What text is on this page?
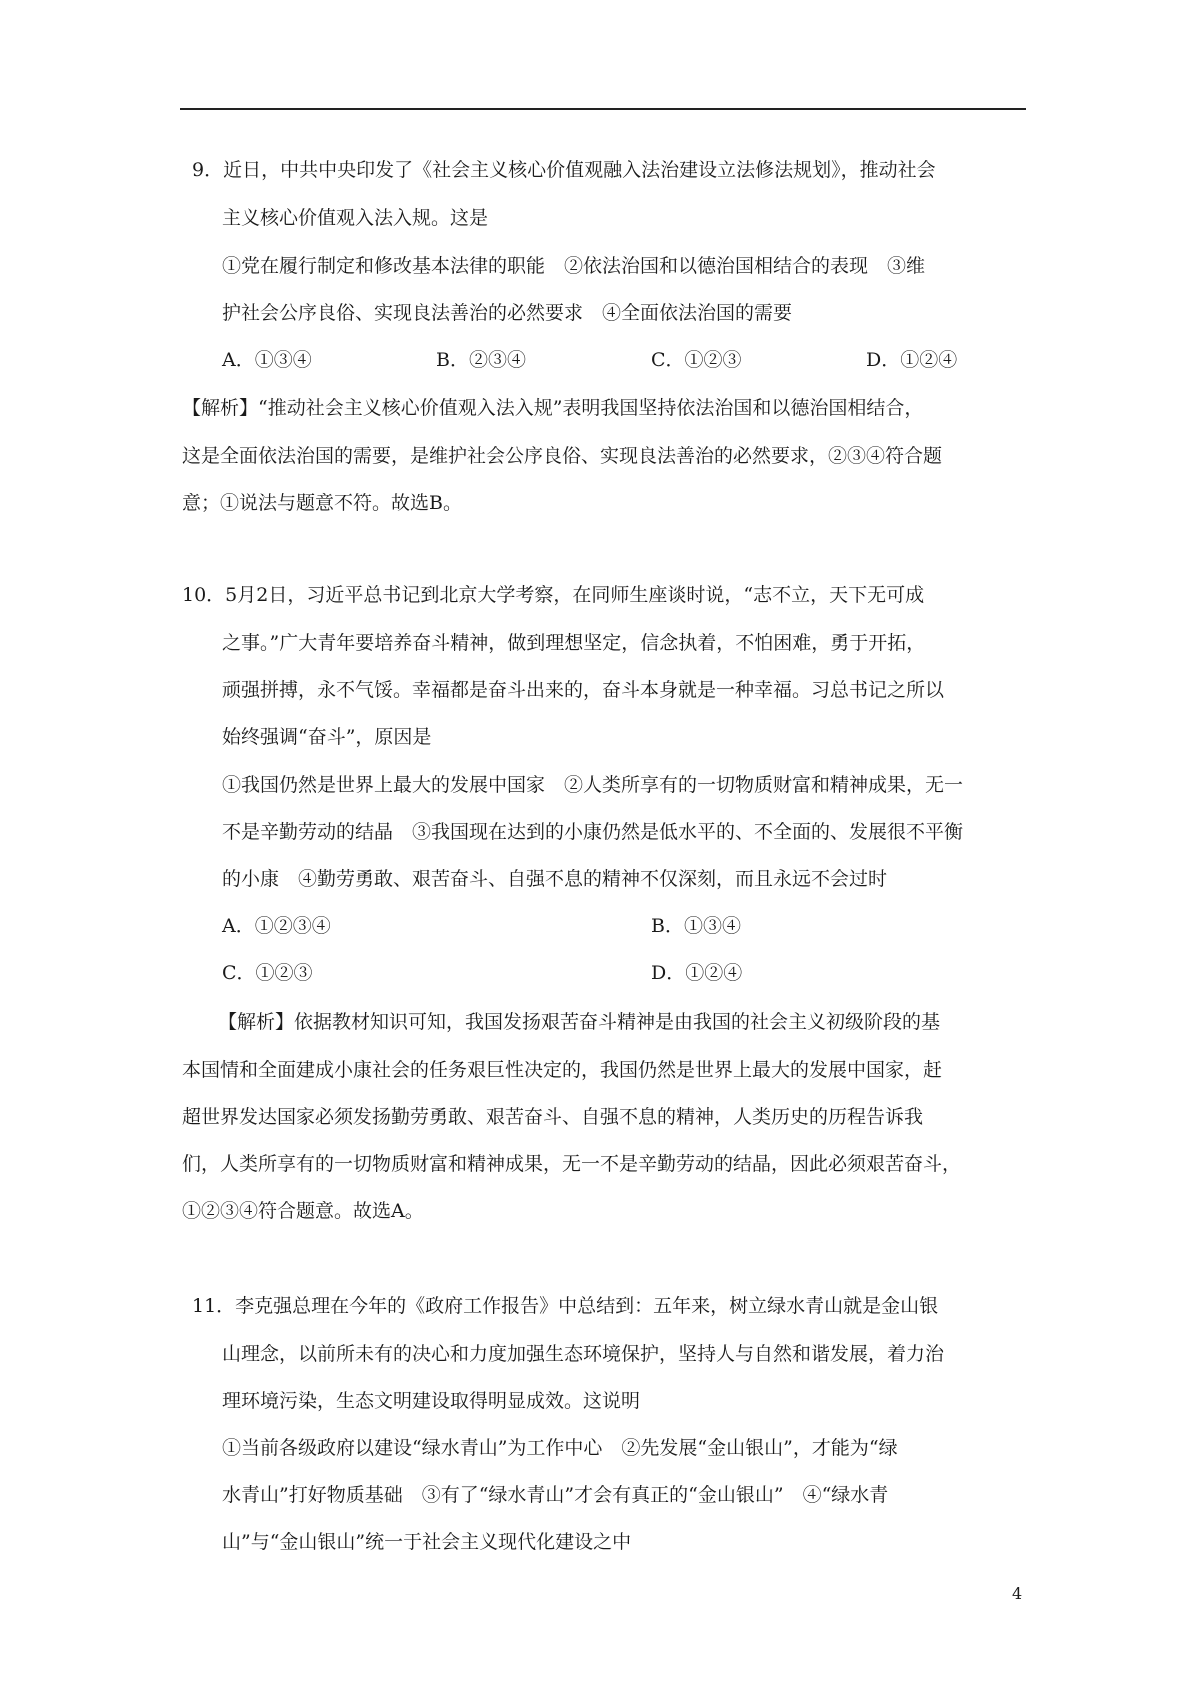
9．近日，中共中央印发了《社会主义核心价值观融入法治建设立法修法规划》，推动社会
主义核心价值观入法入规。这是
①党在履行制定和修改基本法律的职能　②依法治国和以德治国相结合的表现　③维
护社会公序良俗、实现良法善治的必然要求　④全面依法治国的需要
A．①③④	B．②③④	C．①②③	D．①②④
【解析】“推动社会主义核心价值观入法入规”表明我国坚持依法治国和以德治国相结合，
这是全面依法治国的需要，是维护社会公序良俗、实现良法善治的必然要求，②③④符合题
意；①说法与题意不符。故选B。
10．5月2日，习近平总书记到北京大学考察，在同师生座谈时说，“志不立，天下无可成
之事。”广大青年要培养奋斗精神，做到理想坚定，信念执着，不怕困难，勇于开拓，
顽强拼搏，永不气馁。幸福都是奋斗出来的，奋斗本身就是一种幸福。习总书记之所以
始终强调“奋斗”，原因是
①我国仍然是世界上最大的发展中国家　②人类所享有的一切物质财富和精神成果，无一
不是辛勤劳动的结晶　③我国现在达到的小康仍然是低水平的、不全面的、发展很不平衡
的小康　④勤劳勇敢、艰苦奋斗、自强不息的精神不仅深刻，而且永远不会过时
A．①②③④	B．①③④
C．①②③	D．①②④
【解析】依据教材知识可知，我国发扬艰苦奋斗精神是由我国的社会主义初级阶段的基
本国情和全面建成小康社会的任务艰巨性决定的，我国仍然是世界上最大的发展中国家，赶
超世界发达国家必须发扬勤劳勇敢、艰苦奋斗、自强不息的精神，人类历史的历程告诉我
们，人类所享有的一切物质财富和精神成果，无一不是辛勤劳动的结晶，因此必须艰苦奋斗，
①②③④符合题意。故选A。
11．李克强总理在今年的《政府工作报告》中总结到：五年来，树立绿水青山就是金山银
山理念，以前所未有的决心和力度加强生态环境保护，坚持人与自然和谐发展，着力治
理环境污染，生态文明建设取得明显成效。这说明
①当前各级政府以建设“绿水青山”为工作中心　②先发展“金山银山”，才能为“绿
水青山”打好物质基础　③有了“绿水青山”才会有真正的“金山银山”　④“绿水青
山”与“金山银山”统一于社会主义现代化建设之中
4
